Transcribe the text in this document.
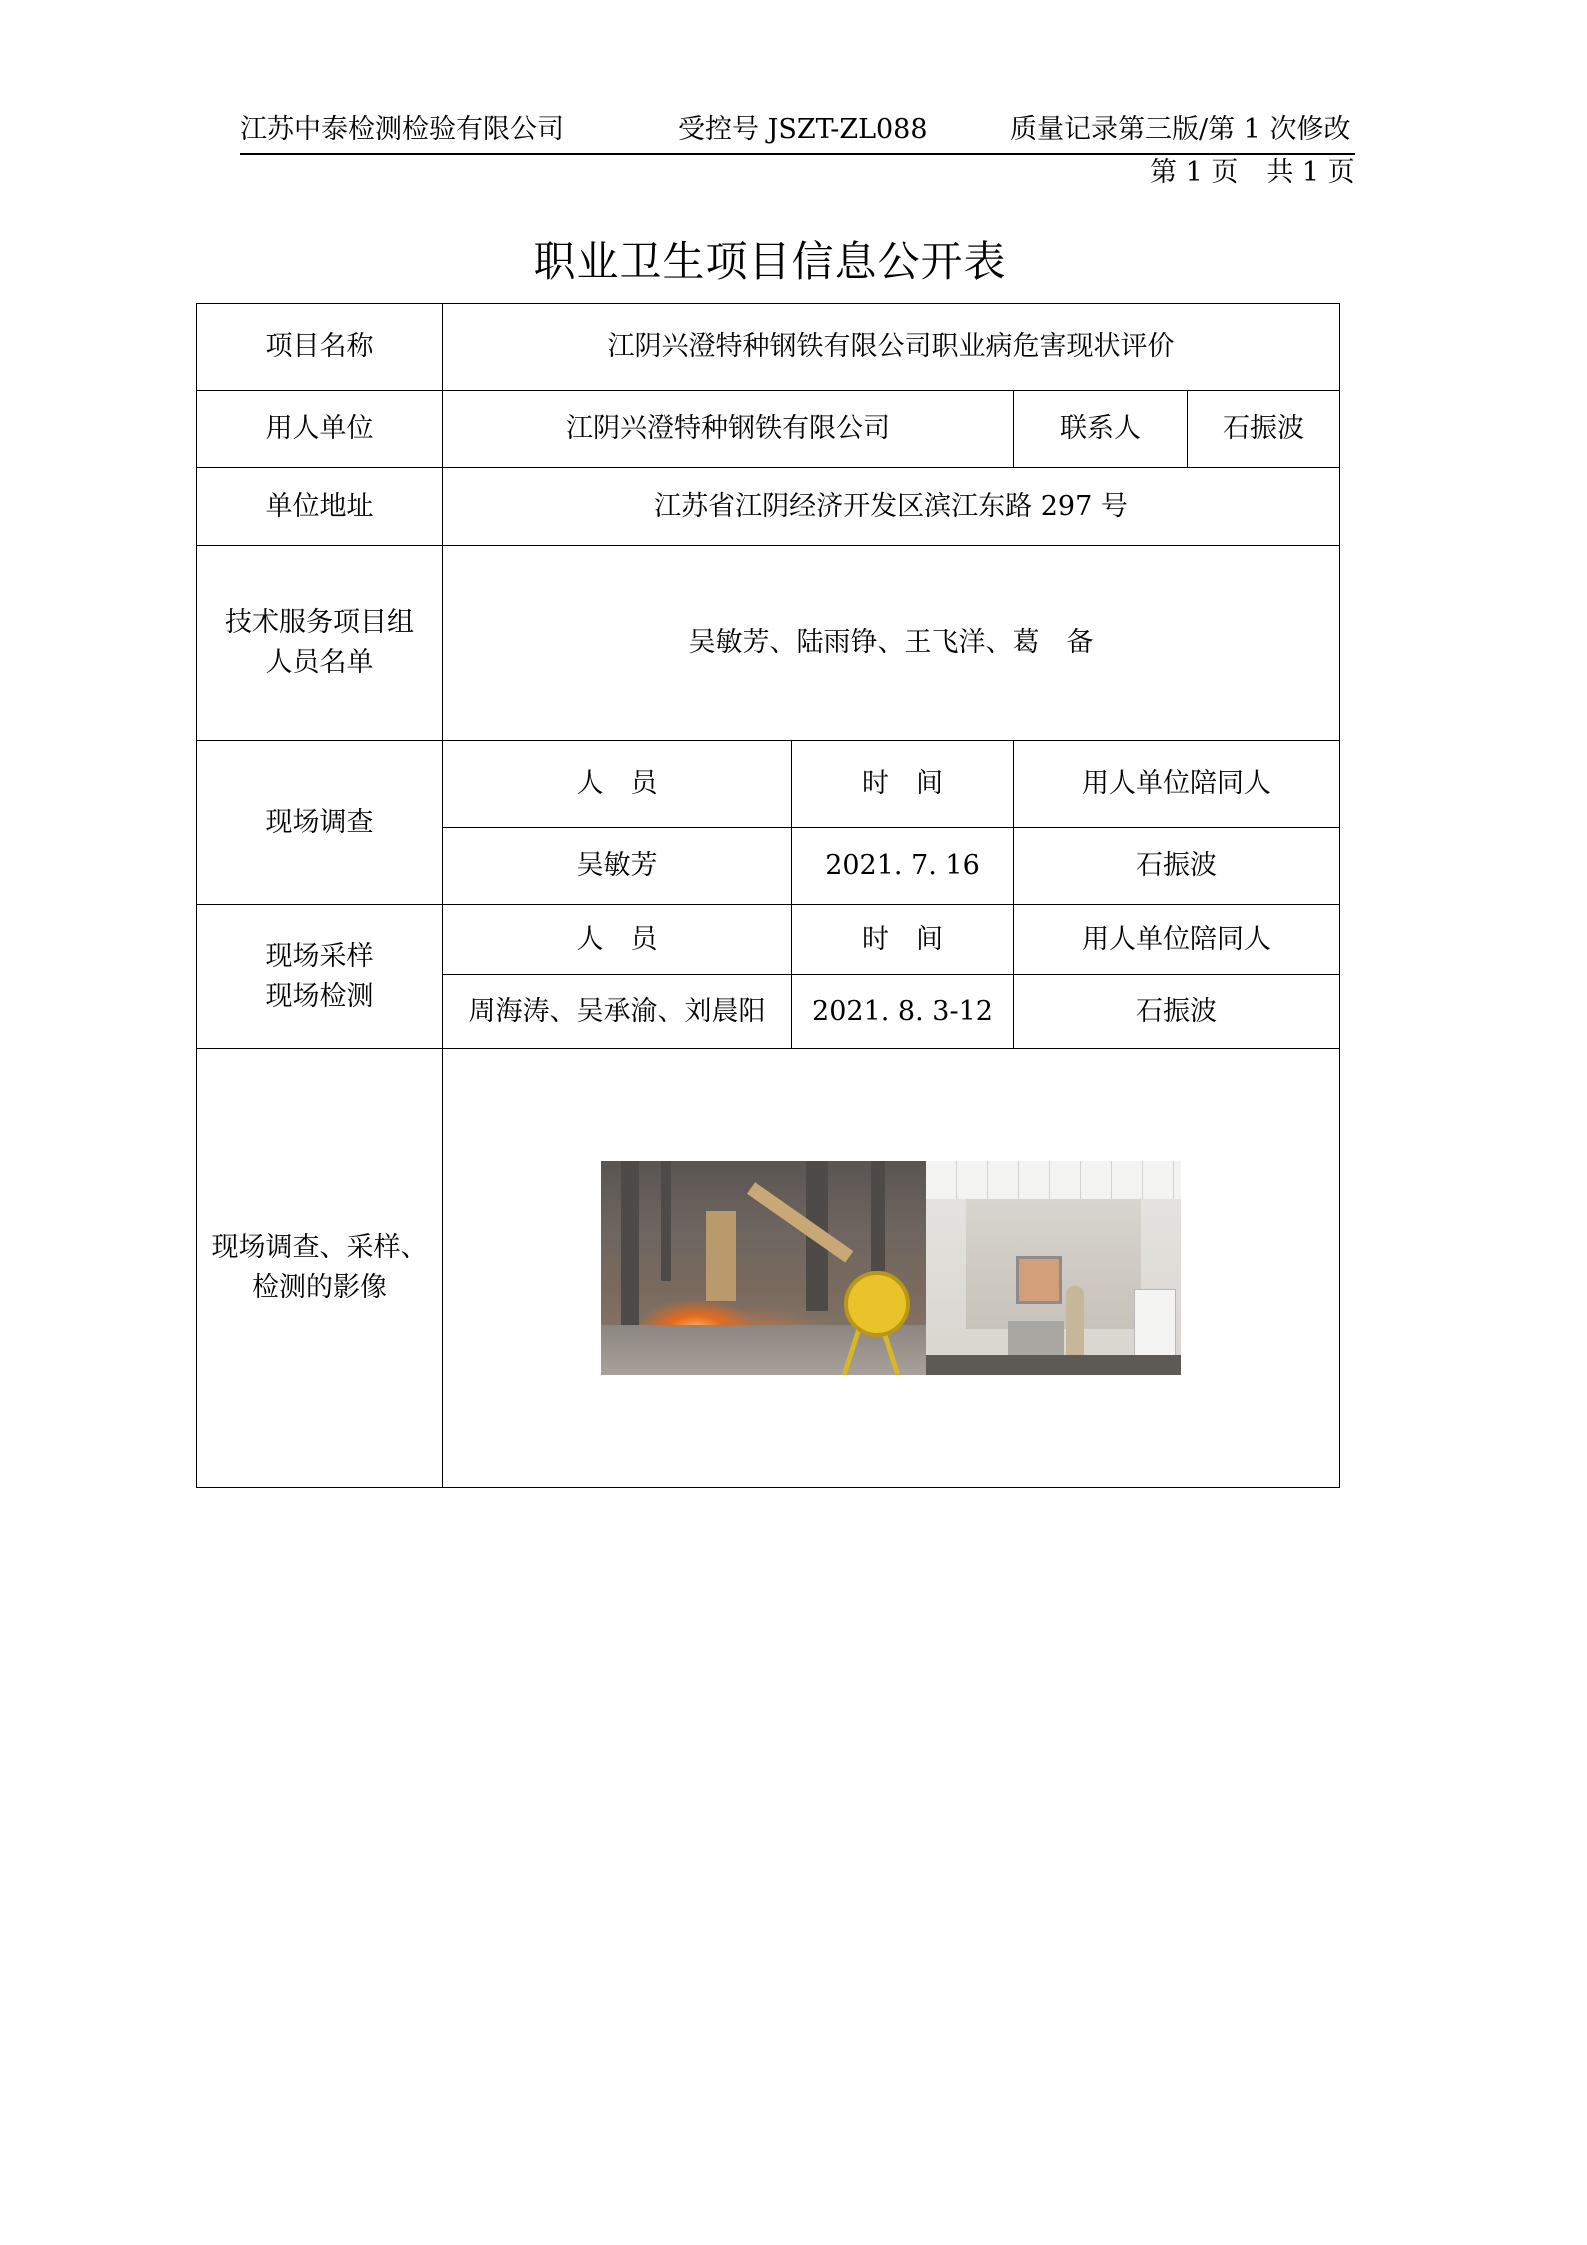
江苏中泰检测检验有限公司	受控号 JSZT-ZL088	质量记录第三版/第 1 次修改
第 1 页 共 1 页
职业卫生项目信息公开表
项目名称	江阴兴澄特种钢铁有限公司职业病危害现状评价			
用人单位	江阴兴澄特种钢铁有限公司		联系人	石振波
单位地址	江苏省江阴经济开发区滨江东路 297 号			

技术服务项目组
人员名单	吴敏芳、陆雨铮、王飞洋、葛　备			
现场调查	人　员	时　间	用人单位陪同人	
	吴敏芳	2021. 7. 16	石振波	

现场采样
现场检测	人　员	时　间	用人单位陪同人	
	周海涛、吴承渝、刘晨阳	2021. 8. 3-12	石振波	

现场调查、采样、
检测的影像				
